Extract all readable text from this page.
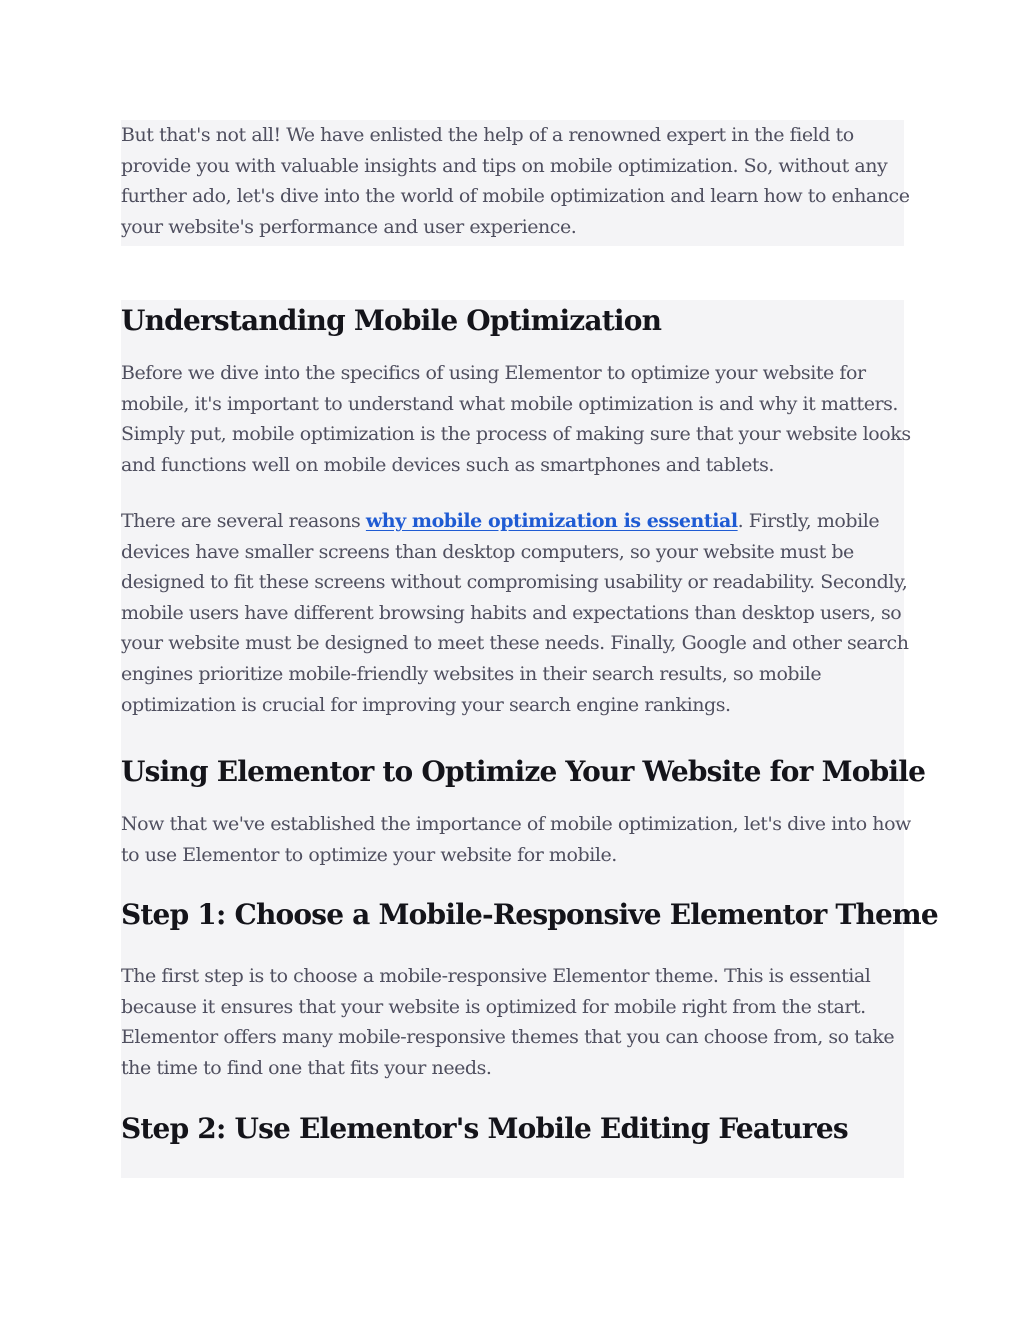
But that's not all! We have enlisted the help of a renowned expert in the field to provide you with valuable insights and tips on mobile optimization. So, without any further ado, let's dive into the world of mobile optimization and learn how to enhance your website's performance and user experience.

Understanding Mobile Optimization

Before we dive into the specifics of using Elementor to optimize your website for mobile, it's important to understand what mobile optimization is and why it matters. Simply put, mobile optimization is the process of making sure that your website looks and functions well on mobile devices such as smartphones and tablets.

There are several reasons why mobile optimization is essential. Firstly, mobile devices have smaller screens than desktop computers, so your website must be designed to fit these screens without compromising usability or readability. Secondly, mobile users have different browsing habits and expectations than desktop users, so your website must be designed to meet these needs. Finally, Google and other search engines prioritize mobile-friendly websites in their search results, so mobile optimization is crucial for improving your search engine rankings.

Using Elementor to Optimize Your Website for Mobile

Now that we've established the importance of mobile optimization, let's dive into how to use Elementor to optimize your website for mobile.

Step 1: Choose a Mobile-Responsive Elementor Theme

The first step is to choose a mobile-responsive Elementor theme. This is essential because it ensures that your website is optimized for mobile right from the start. Elementor offers many mobile-responsive themes that you can choose from, so take the time to find one that fits your needs.

Step 2: Use Elementor's Mobile Editing Features
